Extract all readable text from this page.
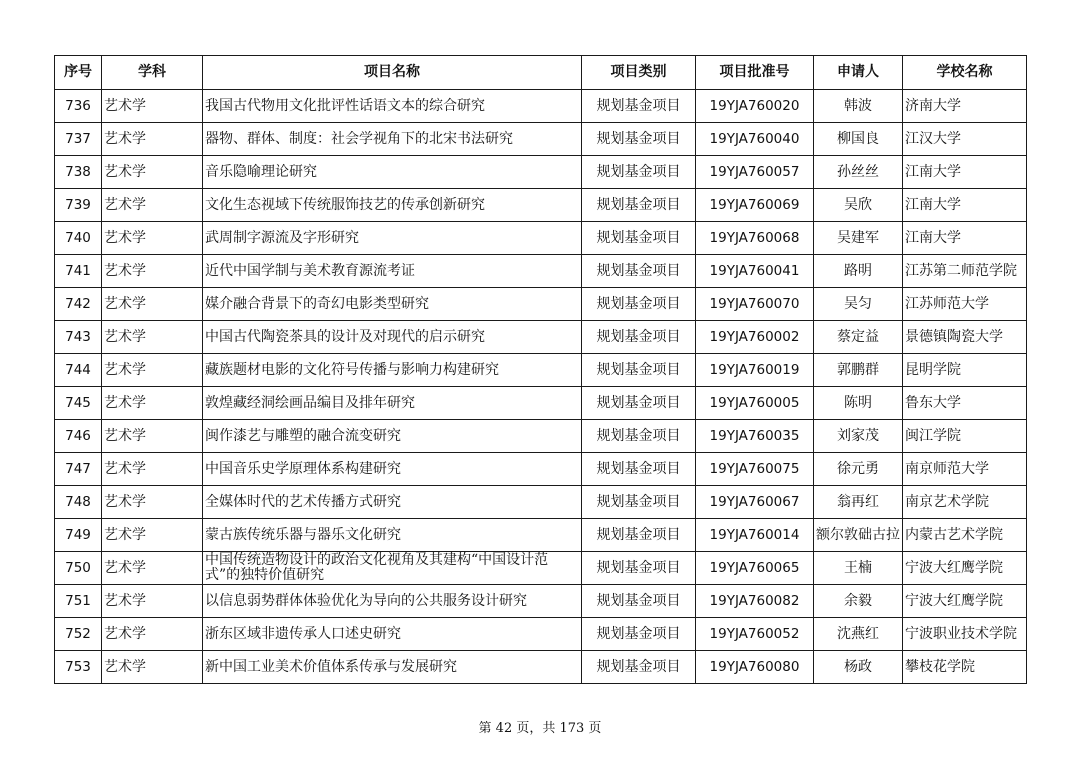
序号	学科	项目名称	项目类别	项目批准号	申请人	学校名称
736	艺术学	我国古代物用文化批评性话语文本的综合研究	规划基金项目	19YJA760020	韩波	济南大学
737	艺术学	器物、群体、制度：社会学视角下的北宋书法研究	规划基金项目	19YJA760040	柳国良	江汉大学
738	艺术学	音乐隐喻理论研究	规划基金项目	19YJA760057	孙丝丝	江南大学
739	艺术学	文化生态视域下传统服饰技艺的传承创新研究	规划基金项目	19YJA760069	吴欣	江南大学
740	艺术学	武周制字源流及字形研究	规划基金项目	19YJA760068	吴建军	江南大学
741	艺术学	近代中国学制与美术教育源流考证	规划基金项目	19YJA760041	路明	江苏第二师范学院
742	艺术学	媒介融合背景下的奇幻电影类型研究	规划基金项目	19YJA760070	吴匀	江苏师范大学
743	艺术学	中国古代陶瓷茶具的设计及对现代的启示研究	规划基金项目	19YJA760002	蔡定益	景德镇陶瓷大学
744	艺术学	藏族题材电影的文化符号传播与影响力构建研究	规划基金项目	19YJA760019	郭鹏群	昆明学院
745	艺术学	敦煌藏经洞绘画品编目及排年研究	规划基金项目	19YJA760005	陈明	鲁东大学
746	艺术学	闽作漆艺与雕塑的融合流变研究	规划基金项目	19YJA760035	刘家茂	闽江学院
747	艺术学	中国音乐史学原理体系构建研究	规划基金项目	19YJA760075	徐元勇	南京师范大学
748	艺术学	全媒体时代的艺术传播方式研究	规划基金项目	19YJA760067	翁再红	南京艺术学院
749	艺术学	蒙古族传统乐器与器乐文化研究	规划基金项目	19YJA760014	额尔敦础古拉	内蒙古艺术学院
750	艺术学	中国传统造物设计的政治文化视角及其建构“中国设计范式”的独特价值研究	规划基金项目	19YJA760065	王楠	宁波大红鹰学院
751	艺术学	以信息弱势群体体验优化为导向的公共服务设计研究	规划基金项目	19YJA760082	余毅	宁波大红鹰学院
752	艺术学	浙东区域非遗传承人口述史研究	规划基金项目	19YJA760052	沈燕红	宁波职业技术学院
753	艺术学	新中国工业美术价值体系传承与发展研究	规划基金项目	19YJA760080	杨政	攀枝花学院
第 42 页，共 173 页
